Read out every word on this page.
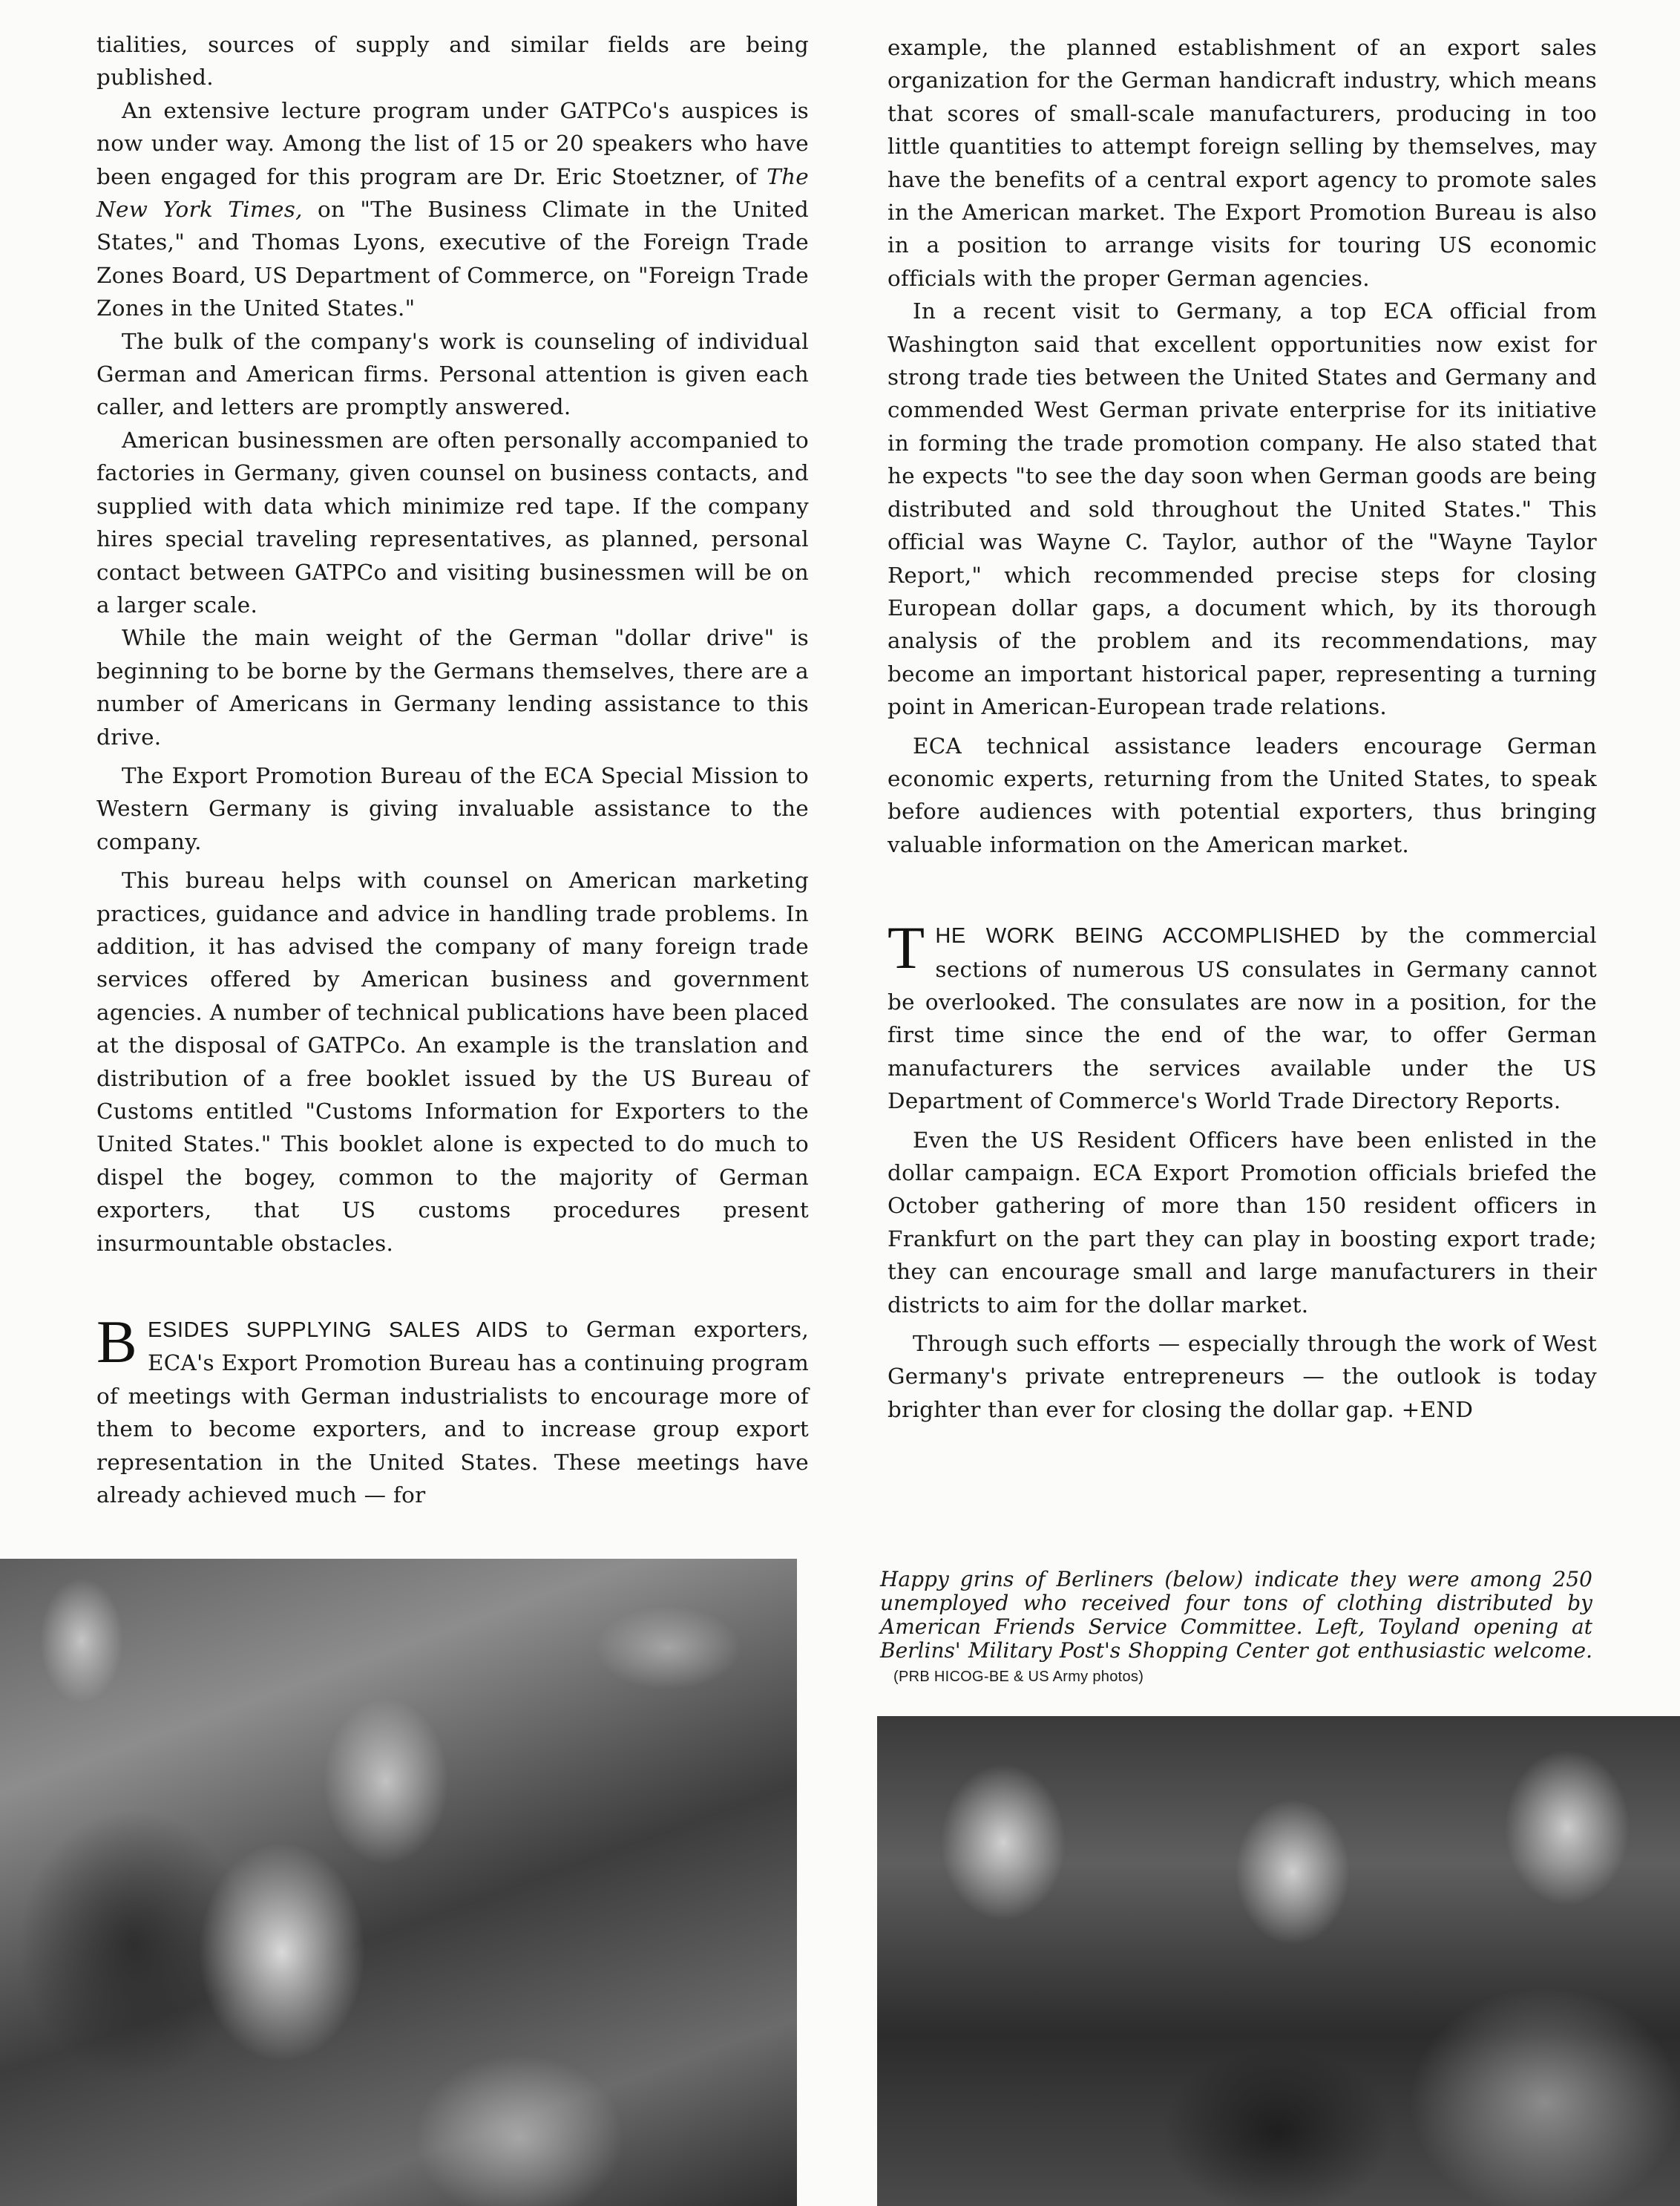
tialities, sources of supply and similar fields are being published.

An extensive lecture program under GATPCo's auspices is now under way. Among the list of 15 or 20 speakers who have been engaged for this program are Dr. Eric Stoetzner, of The New York Times, on "The Business Climate in the United States," and Thomas Lyons, executive of the Foreign Trade Zones Board, US Department of Commerce, on "Foreign Trade Zones in the United States."

The bulk of the company's work is counseling of individual German and American firms. Personal attention is given each caller, and letters are promptly answered.

American businessmen are often personally accompanied to factories in Germany, given counsel on business contacts, and supplied with data which minimize red tape. If the company hires special traveling representatives, as planned, personal contact between GATPCo and visiting businessmen will be on a larger scale.

While the main weight of the German "dollar drive" is beginning to be borne by the Germans themselves, there are a number of Americans in Germany lending assistance to this drive.

The Export Promotion Bureau of the ECA Special Mission to Western Germany is giving invaluable assistance to the company.

This bureau helps with counsel on American marketing practices, guidance and advice in handling trade problems. In addition, it has advised the company of many foreign trade services offered by American business and government agencies. A number of technical publications have been placed at the disposal of GATPCo. An example is the translation and distribution of a free booklet issued by the US Bureau of Customs entitled "Customs Information for Exporters to the United States." This booklet alone is expected to do much to dispel the bogey, common to the majority of German exporters, that US customs procedures present insurmountable obstacles.

BESIDES SUPPLYING SALES AIDS to German exporters, ECA's Export Promotion Bureau has a continuing program of meetings with German industrialists to encourage more of them to become exporters, and to increase group export representation in the United States. These meetings have already achieved much — for

example, the planned establishment of an export sales organization for the German handicraft industry, which means that scores of small-scale manufacturers, producing in too little quantities to attempt foreign selling by themselves, may have the benefits of a central export agency to promote sales in the American market. The Export Promotion Bureau is also in a position to arrange visits for touring US economic officials with the proper German agencies.

In a recent visit to Germany, a top ECA official from Washington said that excellent opportunities now exist for strong trade ties between the United States and Germany and commended West German private enterprise for its initiative in forming the trade promotion company. He also stated that he expects "to see the day soon when German goods are being distributed and sold throughout the United States." This official was Wayne C. Taylor, author of the "Wayne Taylor Report," which recommended precise steps for closing European dollar gaps, a document which, by its thorough analysis of the problem and its recommendations, may become an important historical paper, representing a turning point in American-European trade relations.

ECA technical assistance leaders encourage German economic experts, returning from the United States, to speak before audiences with potential exporters, thus bringing valuable information on the American market.

THE WORK BEING ACCOMPLISHED by the commercial sections of numerous US consulates in Germany cannot be overlooked. The consulates are now in a position, for the first time since the end of the war, to offer German manufacturers the services available under the US Department of Commerce's World Trade Directory Reports.

Even the US Resident Officers have been enlisted in the dollar campaign. ECA Export Promotion officials briefed the October gathering of more than 150 resident officers in Frankfurt on the part they can play in boosting export trade; they can encourage small and large manufacturers in their districts to aim for the dollar market.

Through such efforts — especially through the work of West Germany's private entrepreneurs — the outlook is today brighter than ever for closing the dollar gap. +END

Happy grins of Berliners (below) indicate they were among 250 unemployed who received four tons of clothing distributed by American Friends Service Committee. Left, Toyland opening at Berlins' Military Post's Shopping Center got enthusiastic welcome.(PRB HICOG-BE & US Army photos)
